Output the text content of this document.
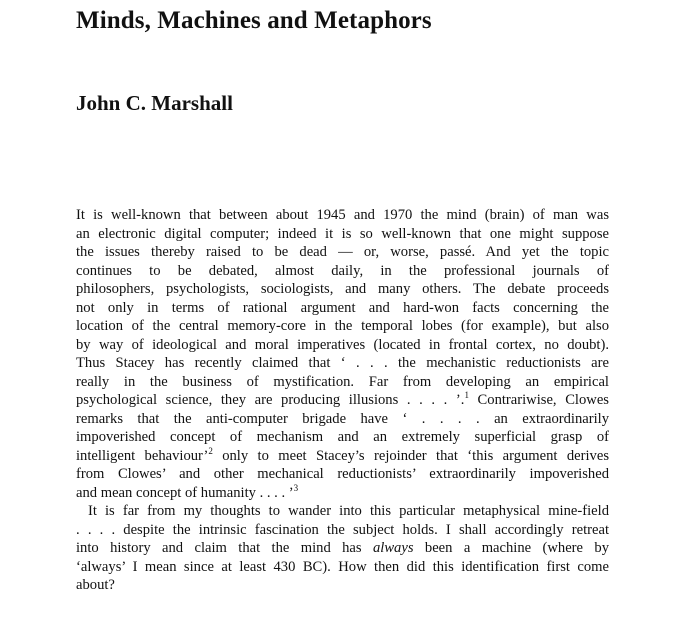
Minds, Machines and Metaphors
John C. Marshall
It is well-known that between about 1945 and 1970 the mind (brain) of man was
an electronic digital computer; indeed it is so well-known that one might suppose
the issues thereby raised to be dead — or, worse, passé. And yet the topic
continues to be debated, almost daily, in the professional journals of
philosophers, psychologists, sociologists, and many others. The debate proceeds
not only in terms of rational argument and hard-won facts concerning the
location of the central memory-core in the temporal lobes (for example), but also
by way of ideological and moral imperatives (located in frontal cortex, no doubt).
Thus Stacey has recently claimed that ‘ . . . the mechanistic reductionists are
really in the business of mystification. Far from developing an empirical
psychological science, they are producing illusions . . . . ’.$^1$ Contrariwise, Clowes
remarks that the anti-computer brigade have ‘ . . . . an extraordinarily
impoverished concept of mechanism and an extremely superficial grasp of
intelligent behaviour’$^2$ only to meet Stacey’s rejoinder that ‘this argument derives
from Clowes’ and other mechanical reductionists’ extraordinarily impoverished
and mean concept of humanity . . . . ’$^3$
It is far from my thoughts to wander into this particular metaphysical mine-field
. . . . despite the intrinsic fascination the subject holds. I shall accordingly retreat
into history and claim that the mind has always been a machine (where by
‘always’ I mean since at least 430 BC). How then did this identification first come
about?
